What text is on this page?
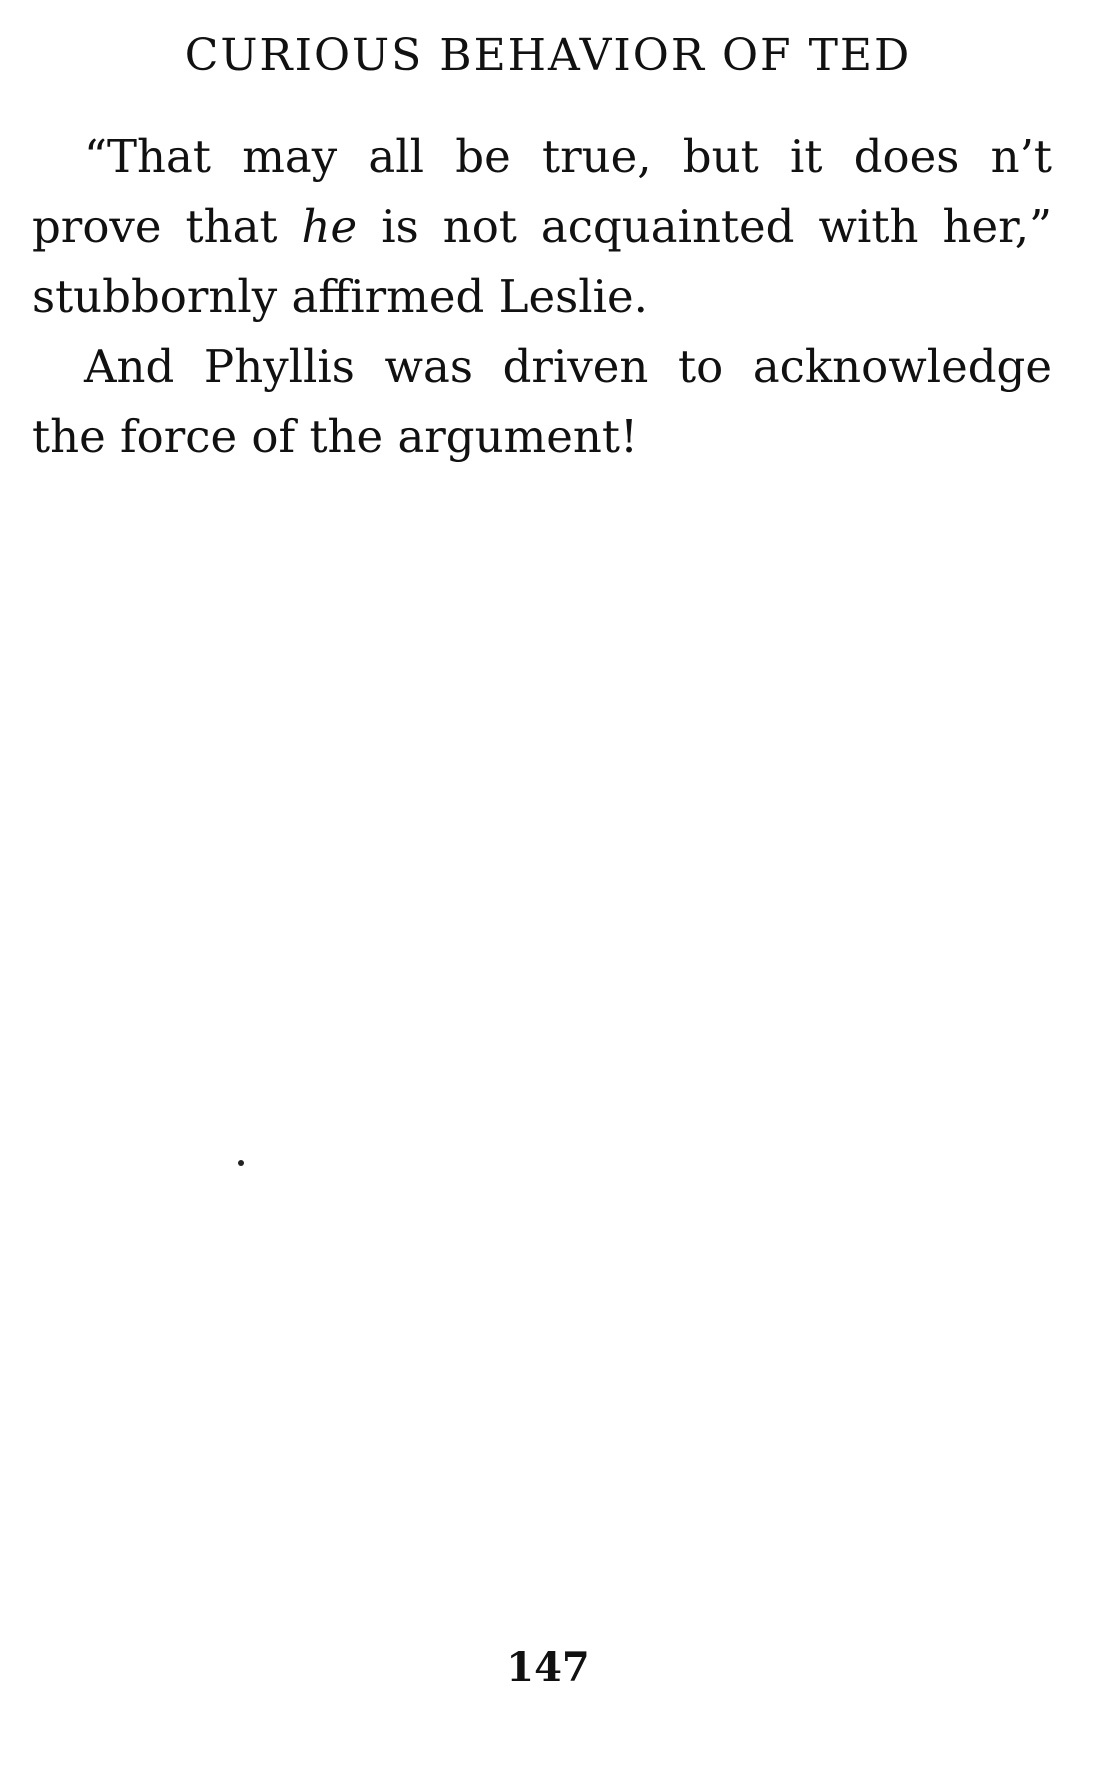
CURIOUS BEHAVIOR OF TED

“That may all be true, but it does n’t prove that he is not acquainted with her,” stubbornly affirmed Leslie.

And Phyllis was driven to acknowledge the force of the argument!

147
